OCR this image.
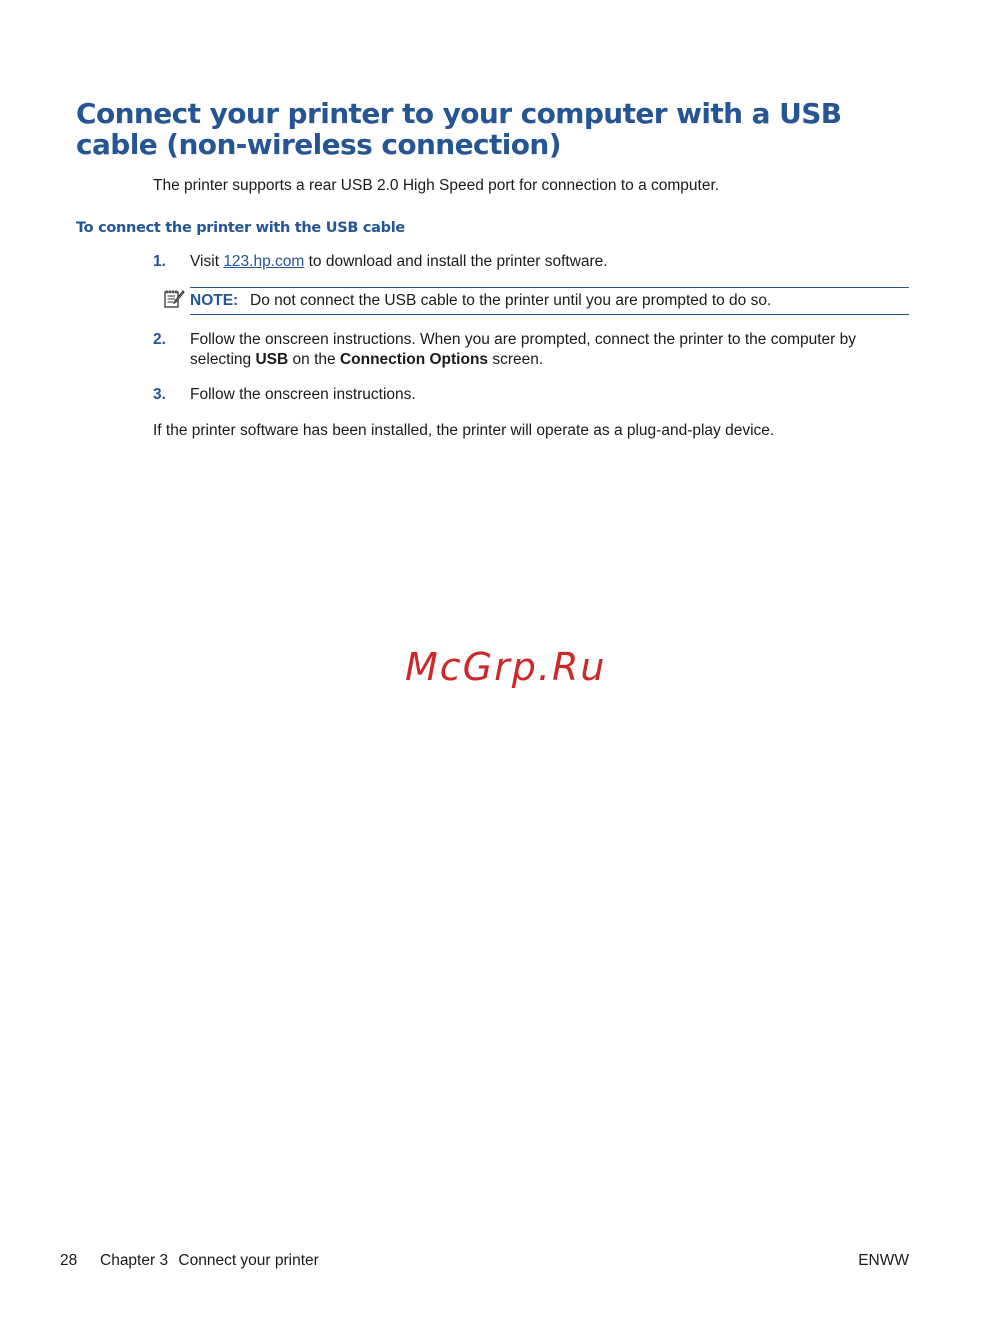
Connect your printer to your computer with a USB cable (non-wireless connection)

The printer supports a rear USB 2.0 High Speed port for connection to a computer.

To connect the printer with the USB cable
1. Visit 123.hp.com to download and install the printer software.
NOTE: Do not connect the USB cable to the printer until you are prompted to do so.
2. Follow the onscreen instructions. When you are prompted, connect the printer to the computer by selecting USB on the Connection Options screen.
3. Follow the onscreen instructions.

If the printer software has been installed, the printer will operate as a plug-and-play device.

McGrp.Ru
28 Chapter 3 Connect your printer	ENWW
